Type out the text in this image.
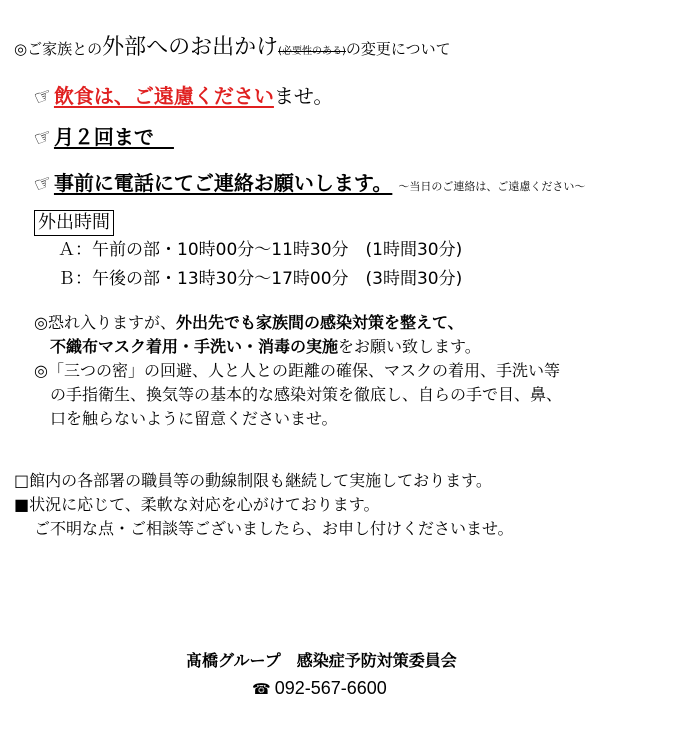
◎ご家族との外部へのお出かけ(必要性のある)の変更について
☞飲食は、ご遠慮くださいませ。
☞月２回まで　
☞事前に電話にてご連絡お願いします。 ～当日のご連絡は、ご遠慮ください～
外出時間
Ａ：午前の部・10時00分～11時30分　(1時間30分)
Ｂ：午後の部・13時30分～17時00分　(3時間30分)
◎恐れ入りますが、外出先でも家族間の感染対策を整えて、
不織布マスク着用・手洗い・消毒の実施をお願い致します。
◎「三つの密」の回避、人と人との距離の確保、マスクの着用、手洗い等
の手指衛生、換気等の基本的な感染対策を徹底し、自らの手で目、鼻、
口を触らないように留意くださいませ。
□館内の各部署の職員等の動線制限も継続して実施しております。
■状況に応じて、柔軟な対応を心がけております。
ご不明な点・ご相談等ございましたら、お申し付けくださいませ。
髙橋グループ　感染症予防対策委員会
☎ 092-567-6600
